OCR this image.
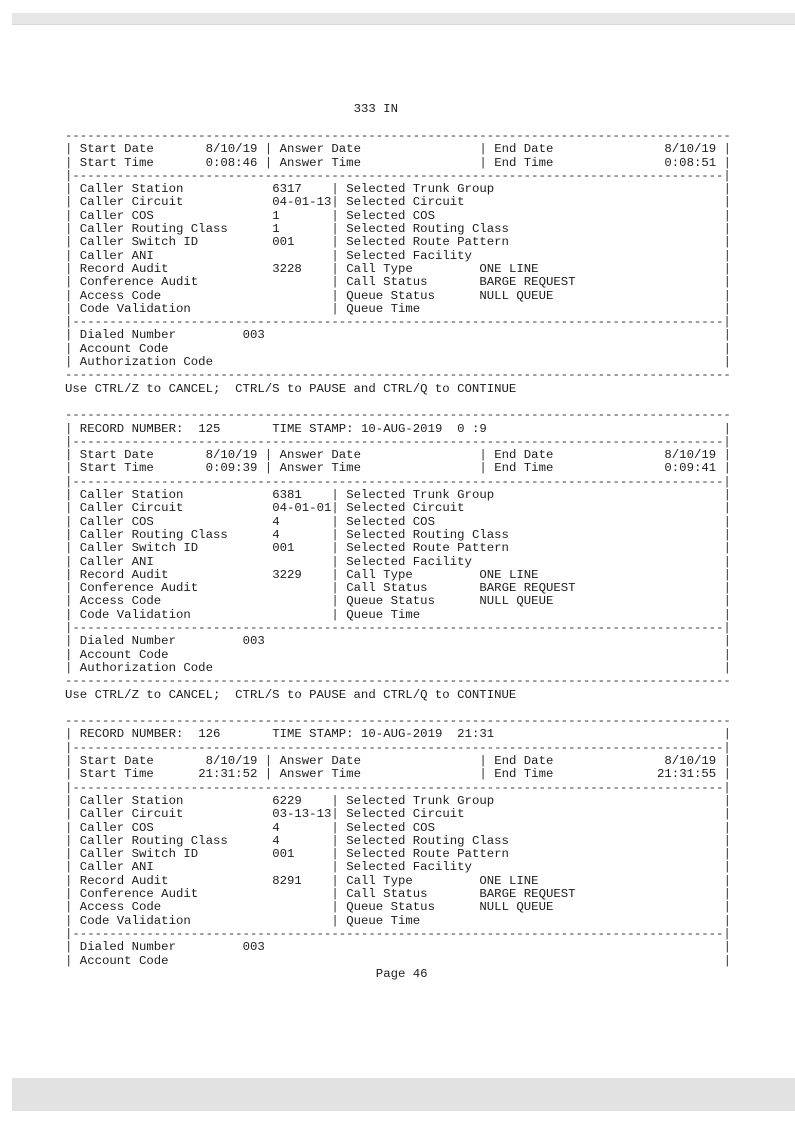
333 IN
------------------------------------------------------------------------------------------
|	|
Start Date	8/10/19 | Answer Date	| End Date	8/10/19
|	|
Start Time	0:08:46 | Answer Time	| End Time	0:08:51
|----------------------------------------------------------------------------------------|
|	|
Caller Station	6317 | Selected Trunk Group
|	|
Caller Circuit	04-01-13 | Selected Circuit
|	|
Caller COS	1	| Selected COS
|	|
Caller Routing Class	1	| Selected Routing Class
|	|
Caller Switch ID	001	| Selected Route Pattern
|	|
Caller ANI	| Selected Facility
|	|
Record Audit	3228 | Call Type	ONE LINE
|	|
Conference Audit	| Call Status	BARGE REQUEST
|	|
Access Code	| Queue Status	NULL QUEUE
|	|
Code Validation	| Queue Time
|----------------------------------------------------------------------------------------|
|	|
Dialed Number	003
|	|
Account Code
|	|
Authorization Code
------------------------------------------------------------------------------------------
Use CTRL/Z to CANCEL;  CTRL/S to PAUSE and CTRL/Q to CONTINUE
------------------------------------------------------------------------------------------
|	|
RECORD NUMBER: 125	TIME STAMP: 10-AUG-2019  0 :9
|----------------------------------------------------------------------------------------|
|	|
Start Date	8/10/19 | Answer Date	| End Date	8/10/19
|	|
Start Time	0:09:39 | Answer Time	| End Time	0:09:41
|----------------------------------------------------------------------------------------|
|	|
Caller Station	6381 | Selected Trunk Group
|	|
Caller Circuit	04-01-01 | Selected Circuit
|	|
Caller COS	4	| Selected COS
|	|
Caller Routing Class	4	| Selected Routing Class
|	|
Caller Switch ID	001	| Selected Route Pattern
|	|
Caller ANI	| Selected Facility
|	|
Record Audit	3229 | Call Type	ONE LINE
|	|
Conference Audit	| Call Status	BARGE REQUEST
|	|
Access Code	| Queue Status	NULL QUEUE
|	|
Code Validation	| Queue Time
|----------------------------------------------------------------------------------------|
|	|
Dialed Number	003
|	|
Account Code
|	|
Authorization Code
------------------------------------------------------------------------------------------
Use CTRL/Z to CANCEL;  CTRL/S to PAUSE and CTRL/Q to CONTINUE
------------------------------------------------------------------------------------------
|	|
RECORD NUMBER: 126	TIME STAMP: 10-AUG-2019  21:31
|----------------------------------------------------------------------------------------|
|	|
Start Date	8/10/19 | Answer Date	| End Date	8/10/19
|	|
Start Time	21:31:52 | Answer Time	| End Time	21:31:55
|----------------------------------------------------------------------------------------|
|	|
Caller Station	6229 | Selected Trunk Group
|	|
Caller Circuit	03-13-13 | Selected Circuit
|	|
Caller COS	4	| Selected COS
|	|
Caller Routing Class	4	| Selected Routing Class
|	|
Caller Switch ID	001	| Selected Route Pattern
|	|
Caller ANI	| Selected Facility
|	|
Record Audit	8291 | Call Type	ONE LINE
|	|
Conference Audit	| Call Status	BARGE REQUEST
|	|
Access Code	| Queue Status	NULL QUEUE
|	|
Code Validation	| Queue Time
|----------------------------------------------------------------------------------------|
|	|
Dialed Number	003
|	|
Account Code
Page 46
